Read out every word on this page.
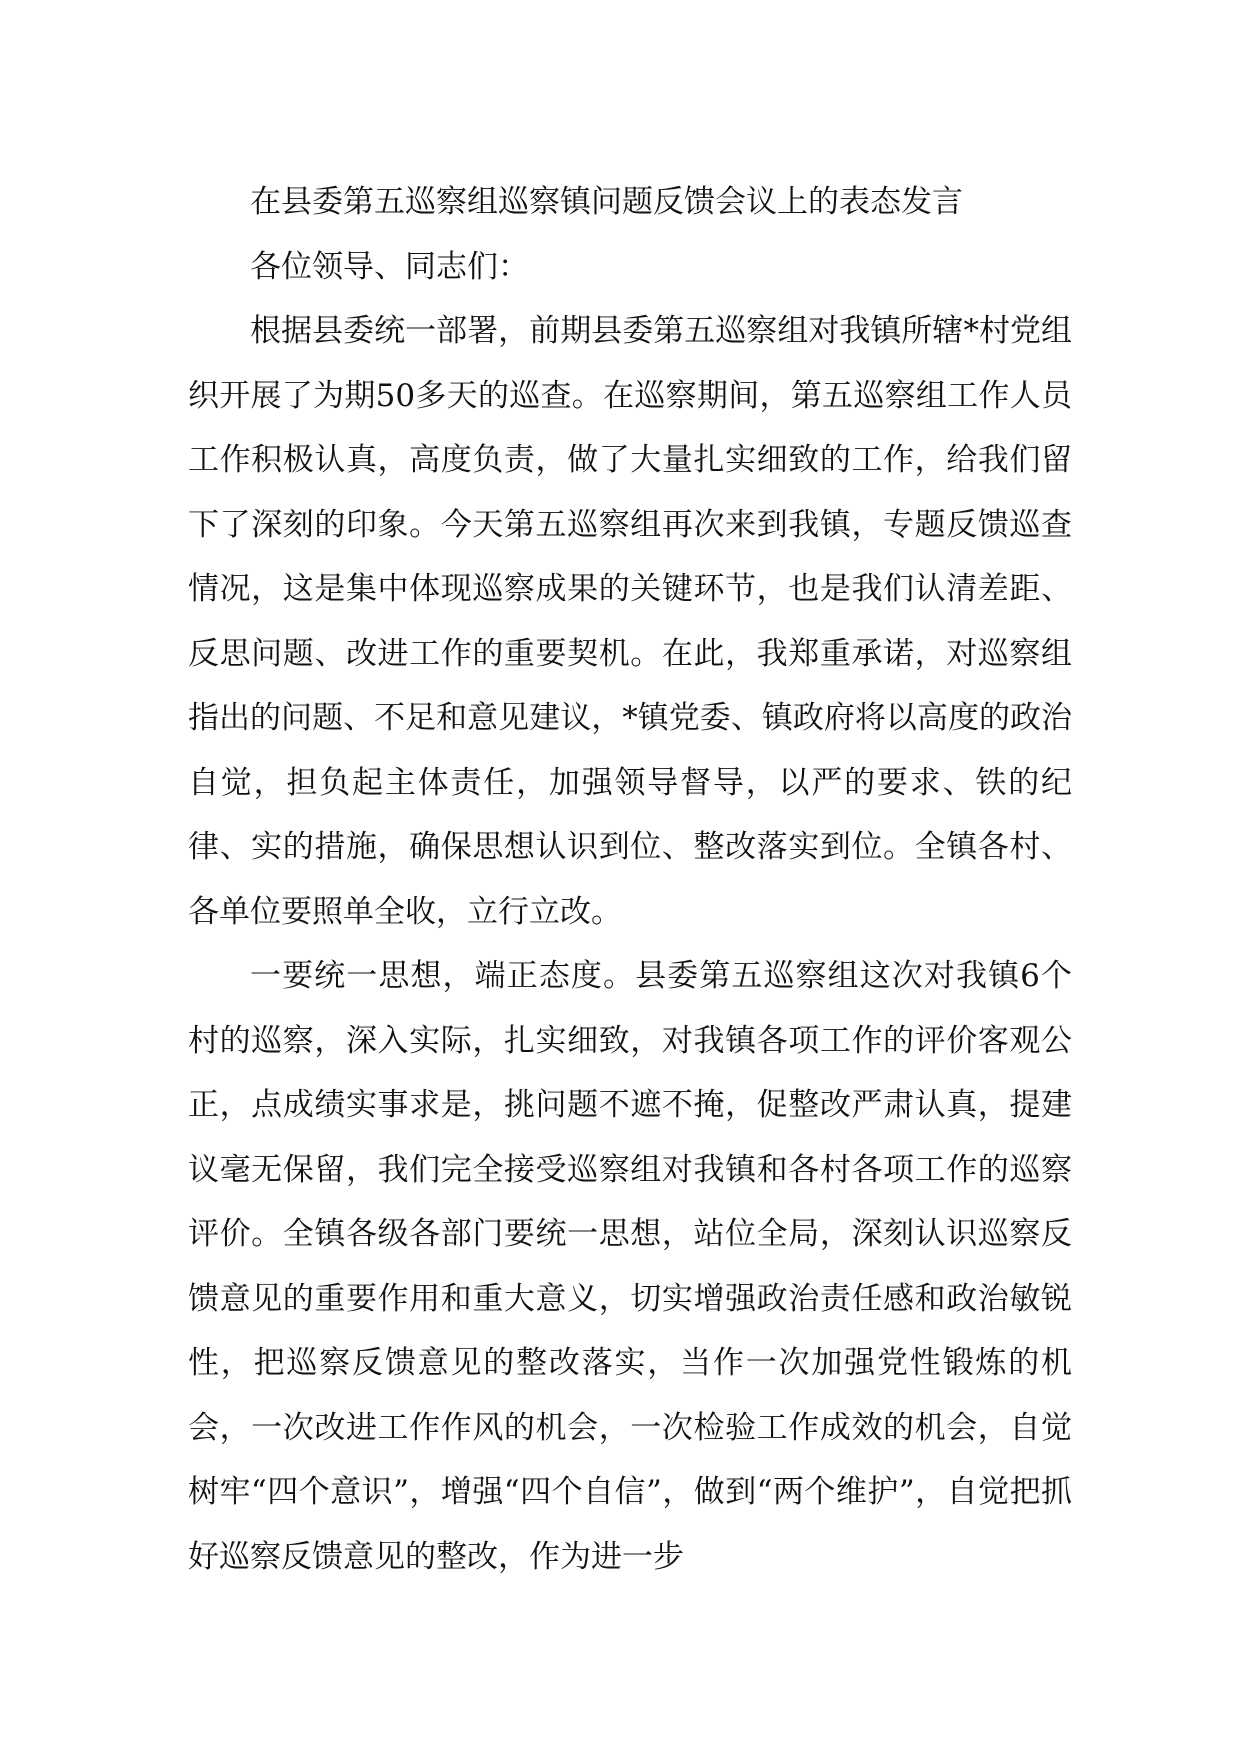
在县委第五巡察组巡察镇问题反馈会议上的表态发言

各位领导、同志们：

根据县委统一部署，前期县委第五巡察组对我镇所辖*村党组织开展了为期50多天的巡查。在巡察期间，第五巡察组工作人员工作积极认真，高度负责，做了大量扎实细致的工作，给我们留下了深刻的印象。今天第五巡察组再次来到我镇，专题反馈巡查情况，这是集中体现巡察成果的关键环节，也是我们认清差距、反思问题、改进工作的重要契机。在此，我郑重承诺，对巡察组指出的问题、不足和意见建议，*镇党委、镇政府将以高度的政治自觉，担负起主体责任，加强领导督导，以严的要求、铁的纪律、实的措施，确保思想认识到位、整改落实到位。全镇各村、各单位要照单全收，立行立改。

一要统一思想，端正态度。县委第五巡察组这次对我镇6个村的巡察，深入实际，扎实细致，对我镇各项工作的评价客观公正，点成绩实事求是，挑问题不遮不掩，促整改严肃认真，提建议毫无保留，我们完全接受巡察组对我镇和各村各项工作的巡察评价。全镇各级各部门要统一思想，站位全局，深刻认识巡察反馈意见的重要作用和重大意义，切实增强政治责任感和政治敏锐性，把巡察反馈意见的整改落实，当作一次加强党性锻炼的机会，一次改进工作作风的机会，一次检验工作成效的机会，自觉树牢“四个意识”，增强“四个自信”，做到“两个维护”，自觉把抓好巡察反馈意见的整改，作为进一步
